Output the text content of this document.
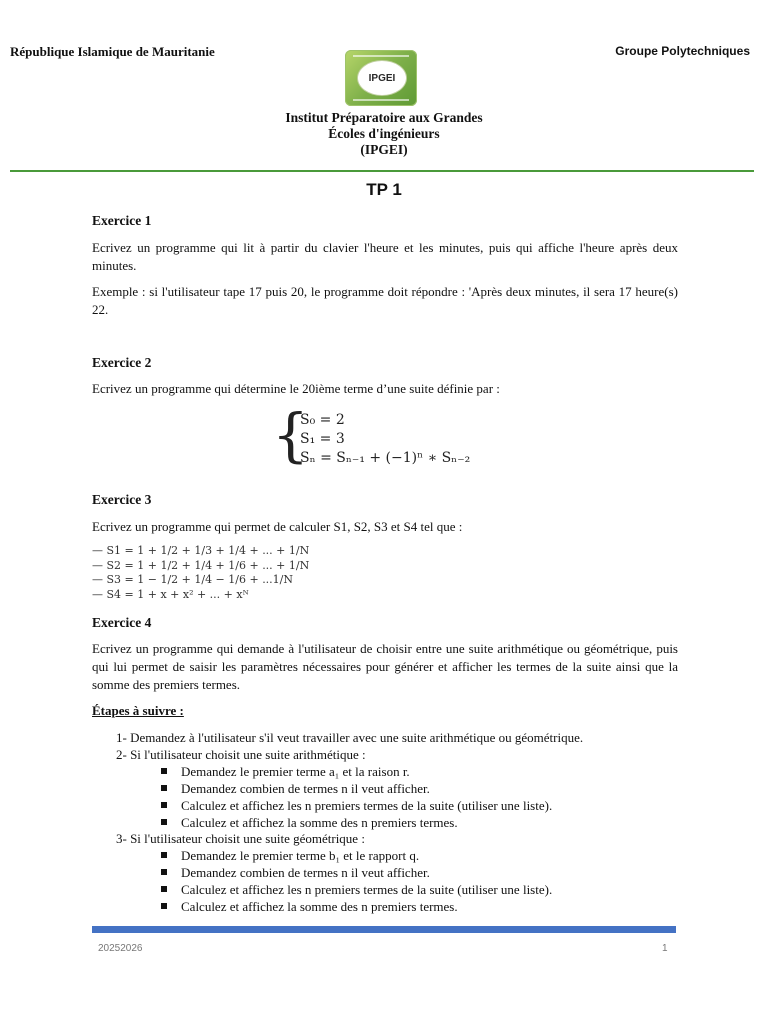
République Islamique de Mauritanie	Groupe Polytechniques
IPGEI
Institut Préparatoire aux Grandes
Écoles d'ingénieurs
(IPGEI)
TP 1
Exercice 1
Ecrivez un programme qui lit à partir du clavier l'heure et les minutes, puis qui affiche l'heure après deux minutes.
Exemple : si l'utilisateur tape 17 puis 20, le programme doit répondre : 'Après deux minutes, il sera 17 heure(s) 22.
Exercice 2
Ecrivez un programme qui détermine le 20ième terme d’une suite définie par :
{
S₀ = 2
S₁ = 3
Sₙ = Sₙ₋₁ + (−1)ⁿ ∗ Sₙ₋₂
Exercice 3
Ecrivez un programme qui permet de calculer S1, S2, S3 et S4 tel que :
— S1 = 1 + 1/2 + 1/3 + 1/4 + ... + 1/N
— S2 = 1 + 1/2 + 1/4 + 1/6 + ... + 1/N
— S3 = 1 − 1/2 + 1/4 − 1/6 + ...1/N
— S4 = 1 + x + x² + ... + xᴺ
Exercice 4
Ecrivez un programme qui demande à l'utilisateur de choisir entre une suite arithmétique ou géométrique, puis qui lui permet de saisir les paramètres nécessaires pour générer et afficher les termes de la suite ainsi que la somme des premiers termes.
Étapes à suivre :
1- Demandez à l'utilisateur s'il veut travailler avec une suite arithmétique ou géométrique.
2- Si l'utilisateur choisit une suite arithmétique :
Demandez le premier terme a₁ et la raison r.
Demandez combien de termes n il veut afficher.
Calculez et affichez les n premiers termes de la suite (utiliser une liste).
Calculez et affichez la somme des n premiers termes.
3- Si l'utilisateur choisit une suite géométrique :
Demandez le premier terme b₁ et le rapport q.
Demandez combien de termes n il veut afficher.
Calculez et affichez les n premiers termes de la suite (utiliser une liste).
Calculez et affichez la somme des n premiers termes.
20252026	1
